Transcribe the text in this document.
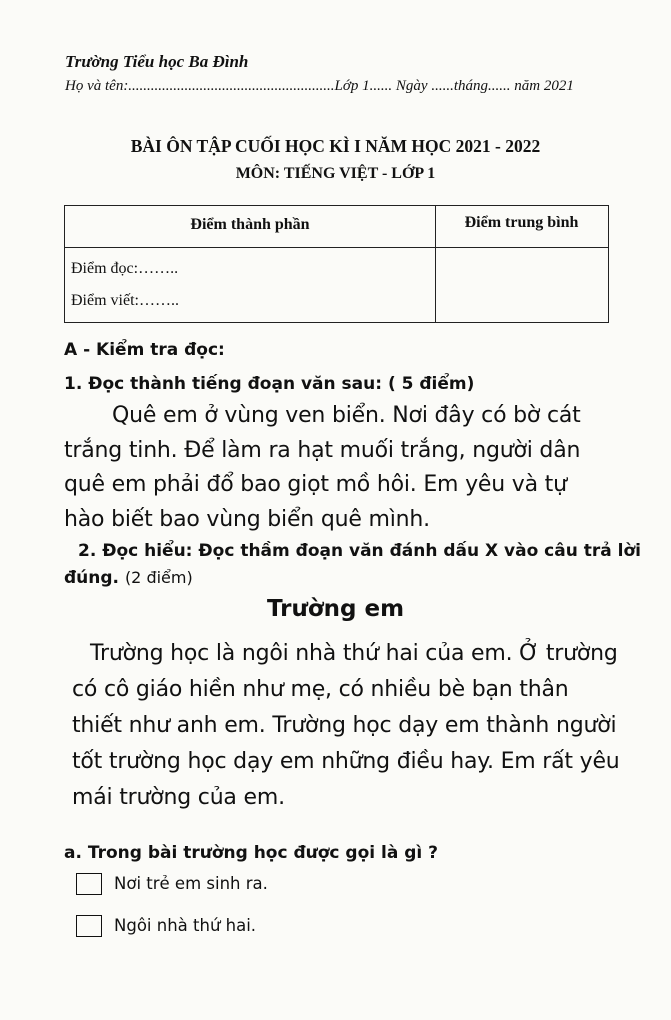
Trường Tiểu học Ba Đình
Họ và tên:.......................................................Lớp 1...... Ngày ......tháng...... năm 2021
BÀI ÔN TẬP CUỐI HỌC KÌ I NĂM HỌC 2021 - 2022
MÔN: TIẾNG VIỆT - LỚP 1
Điểm thành phần	Điểm trung bình
Điểm đọc:……..
Điểm viết:……..
A - Kiểm tra đọc:
1. Đọc thành tiếng đoạn văn sau: ( 5 điểm)
Quê em ở vùng ven biển. Nơi đây có bờ cát
trắng tinh. Để làm ra hạt muối trắng, người dân
quê em phải đổ bao giọt mồ hôi. Em yêu và tự
hào biết bao vùng biển quê mình.
2. Đọc hiểu: Đọc thầm đoạn văn đánh dấu X vào câu trả lời
đúng. (2 điểm)
Trường em
Trường học là ngôi nhà thứ hai của em. Ở trường
có cô giáo hiền như mẹ, có nhiều bè bạn thân
thiết như anh em. Trường học dạy em thành người
tốt trường học dạy em những điều hay. Em rất yêu
mái trường của em.
a. Trong bài trường học được gọi là gì ?
Nơi trẻ em sinh ra.
Ngôi nhà thứ hai.
